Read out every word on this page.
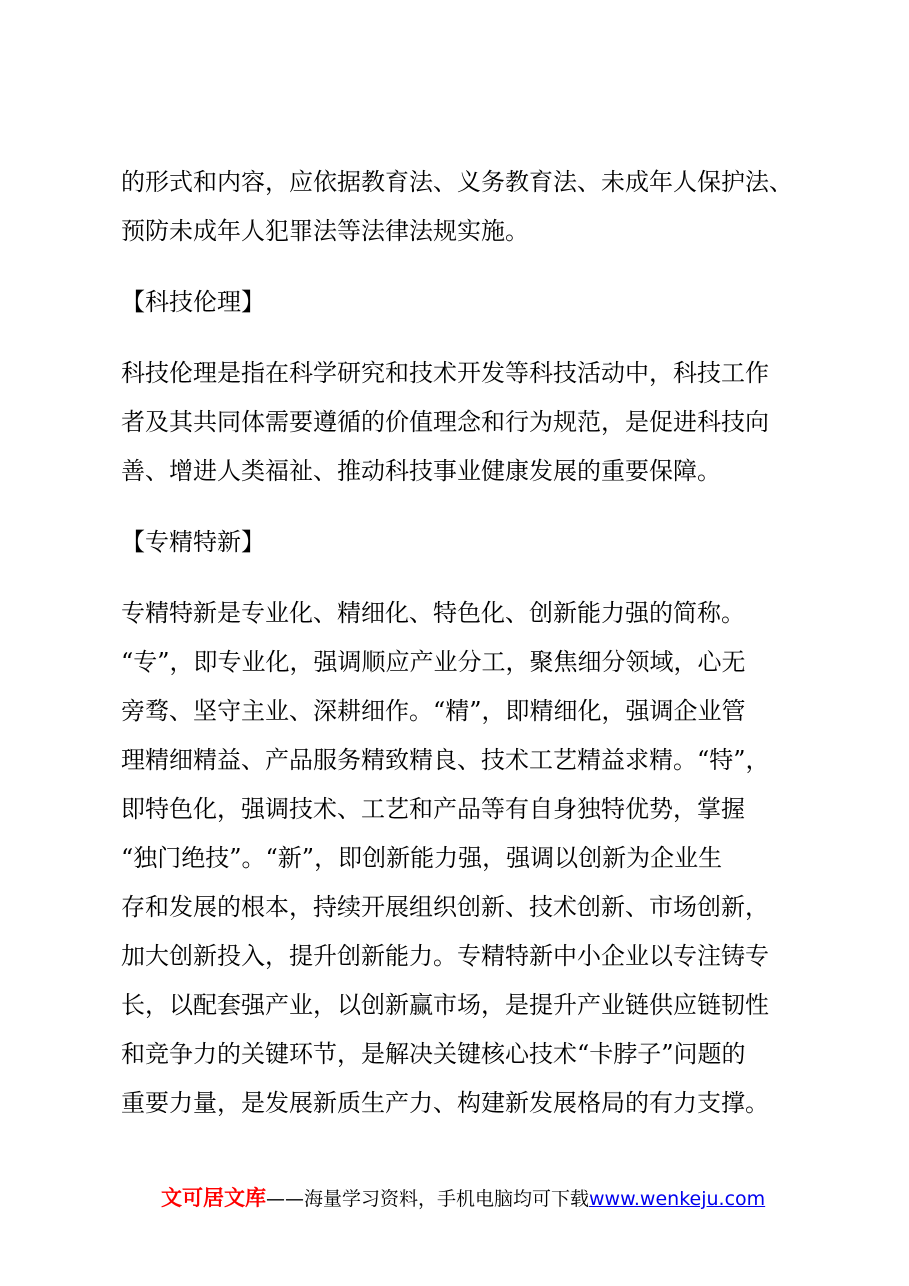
的形式和内容，应依据教育法、义务教育法、未成年人保护法、
预防未成年人犯罪法等法律法规实施。

【科技伦理】

科技伦理是指在科学研究和技术开发等科技活动中，科技工作
者及其共同体需要遵循的价值理念和行为规范，是促进科技向
善、增进人类福祉、推动科技事业健康发展的重要保障。

【专精特新】

专精特新是专业化、精细化、特色化、创新能力强的简称。
“专”，即专业化，强调顺应产业分工，聚焦细分领域，心无
旁骛、坚守主业、深耕细作。“精”，即精细化，强调企业管
理精细精益、产品服务精致精良、技术工艺精益求精。“特”，
即特色化，强调技术、工艺和产品等有自身独特优势，掌握
“独门绝技”。“新”，即创新能力强，强调以创新为企业生
存和发展的根本，持续开展组织创新、技术创新、市场创新，
加大创新投入，提升创新能力。专精特新中小企业以专注铸专
长，以配套强产业，以创新赢市场，是提升产业链供应链韧性
和竞争力的关键环节，是解决关键核心技术“卡脖子”问题的
重要力量，是发展新质生产力、构建新发展格局的有力支撑。

文可居文库——海量学习资料，手机电脑均可下载www.wenkeju.com
